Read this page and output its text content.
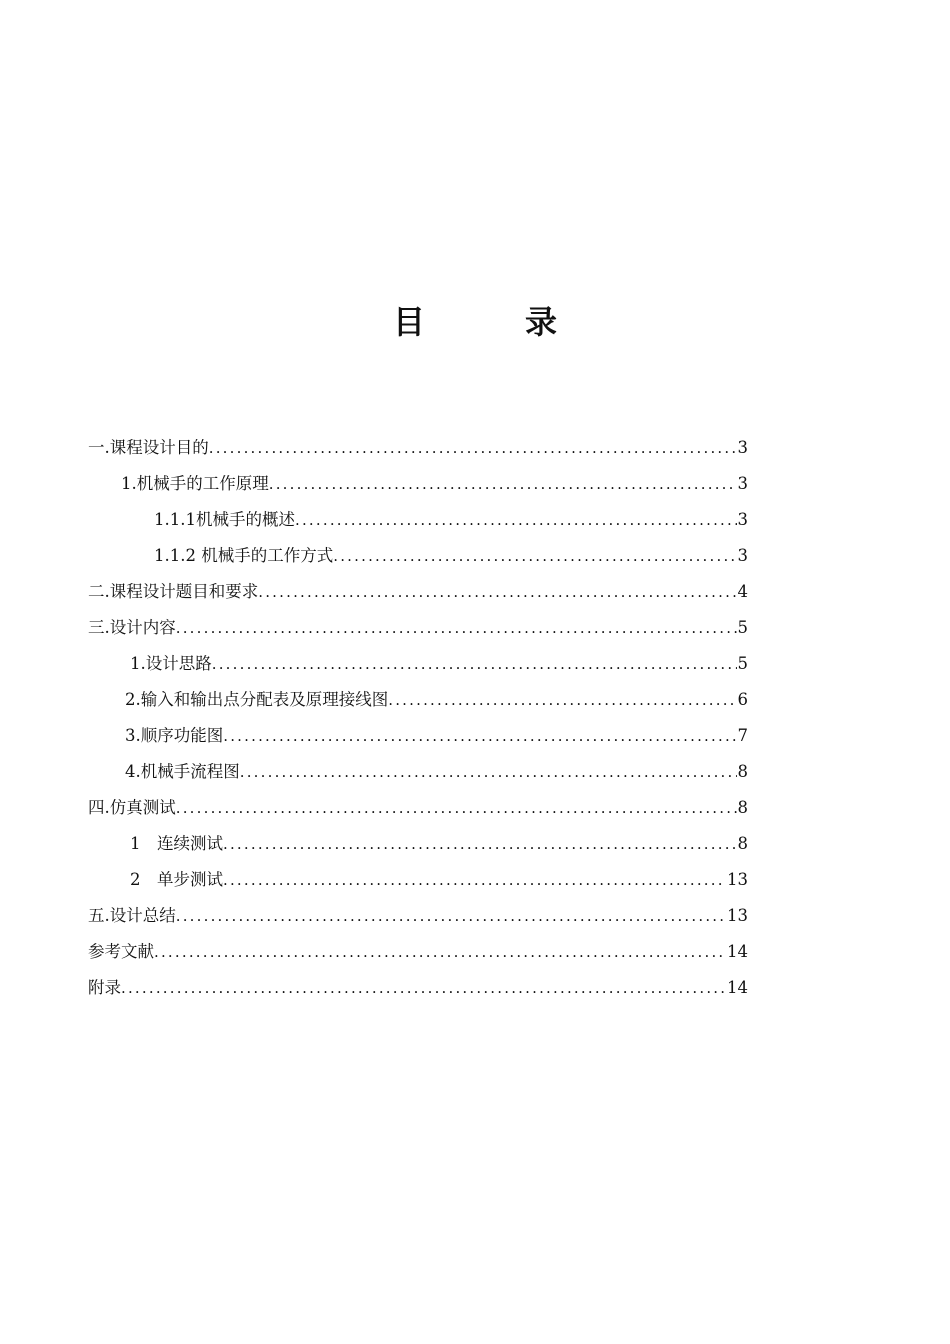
目　录
一.课程设计目的 .....	3
1.机械手的工作原理 .....	3
1.1.1机械手的概述 .....	3
1.1.2 机械手的工作方式 .....	3
二.课程设计题目和要求 .....	4
三.设计内容 .....	5
1.设计思路 .....	5
2.输入和输出点分配表及原理接线图 .....	6
3.顺序功能图 .....	7
4.机械手流程图 .....	8
四.仿真测试 .....	8
1　连续测试 .....	8
2　单步测试 .....	13
五.设计总结 .....	13
参考文献 .....	14
附录 .....	14
